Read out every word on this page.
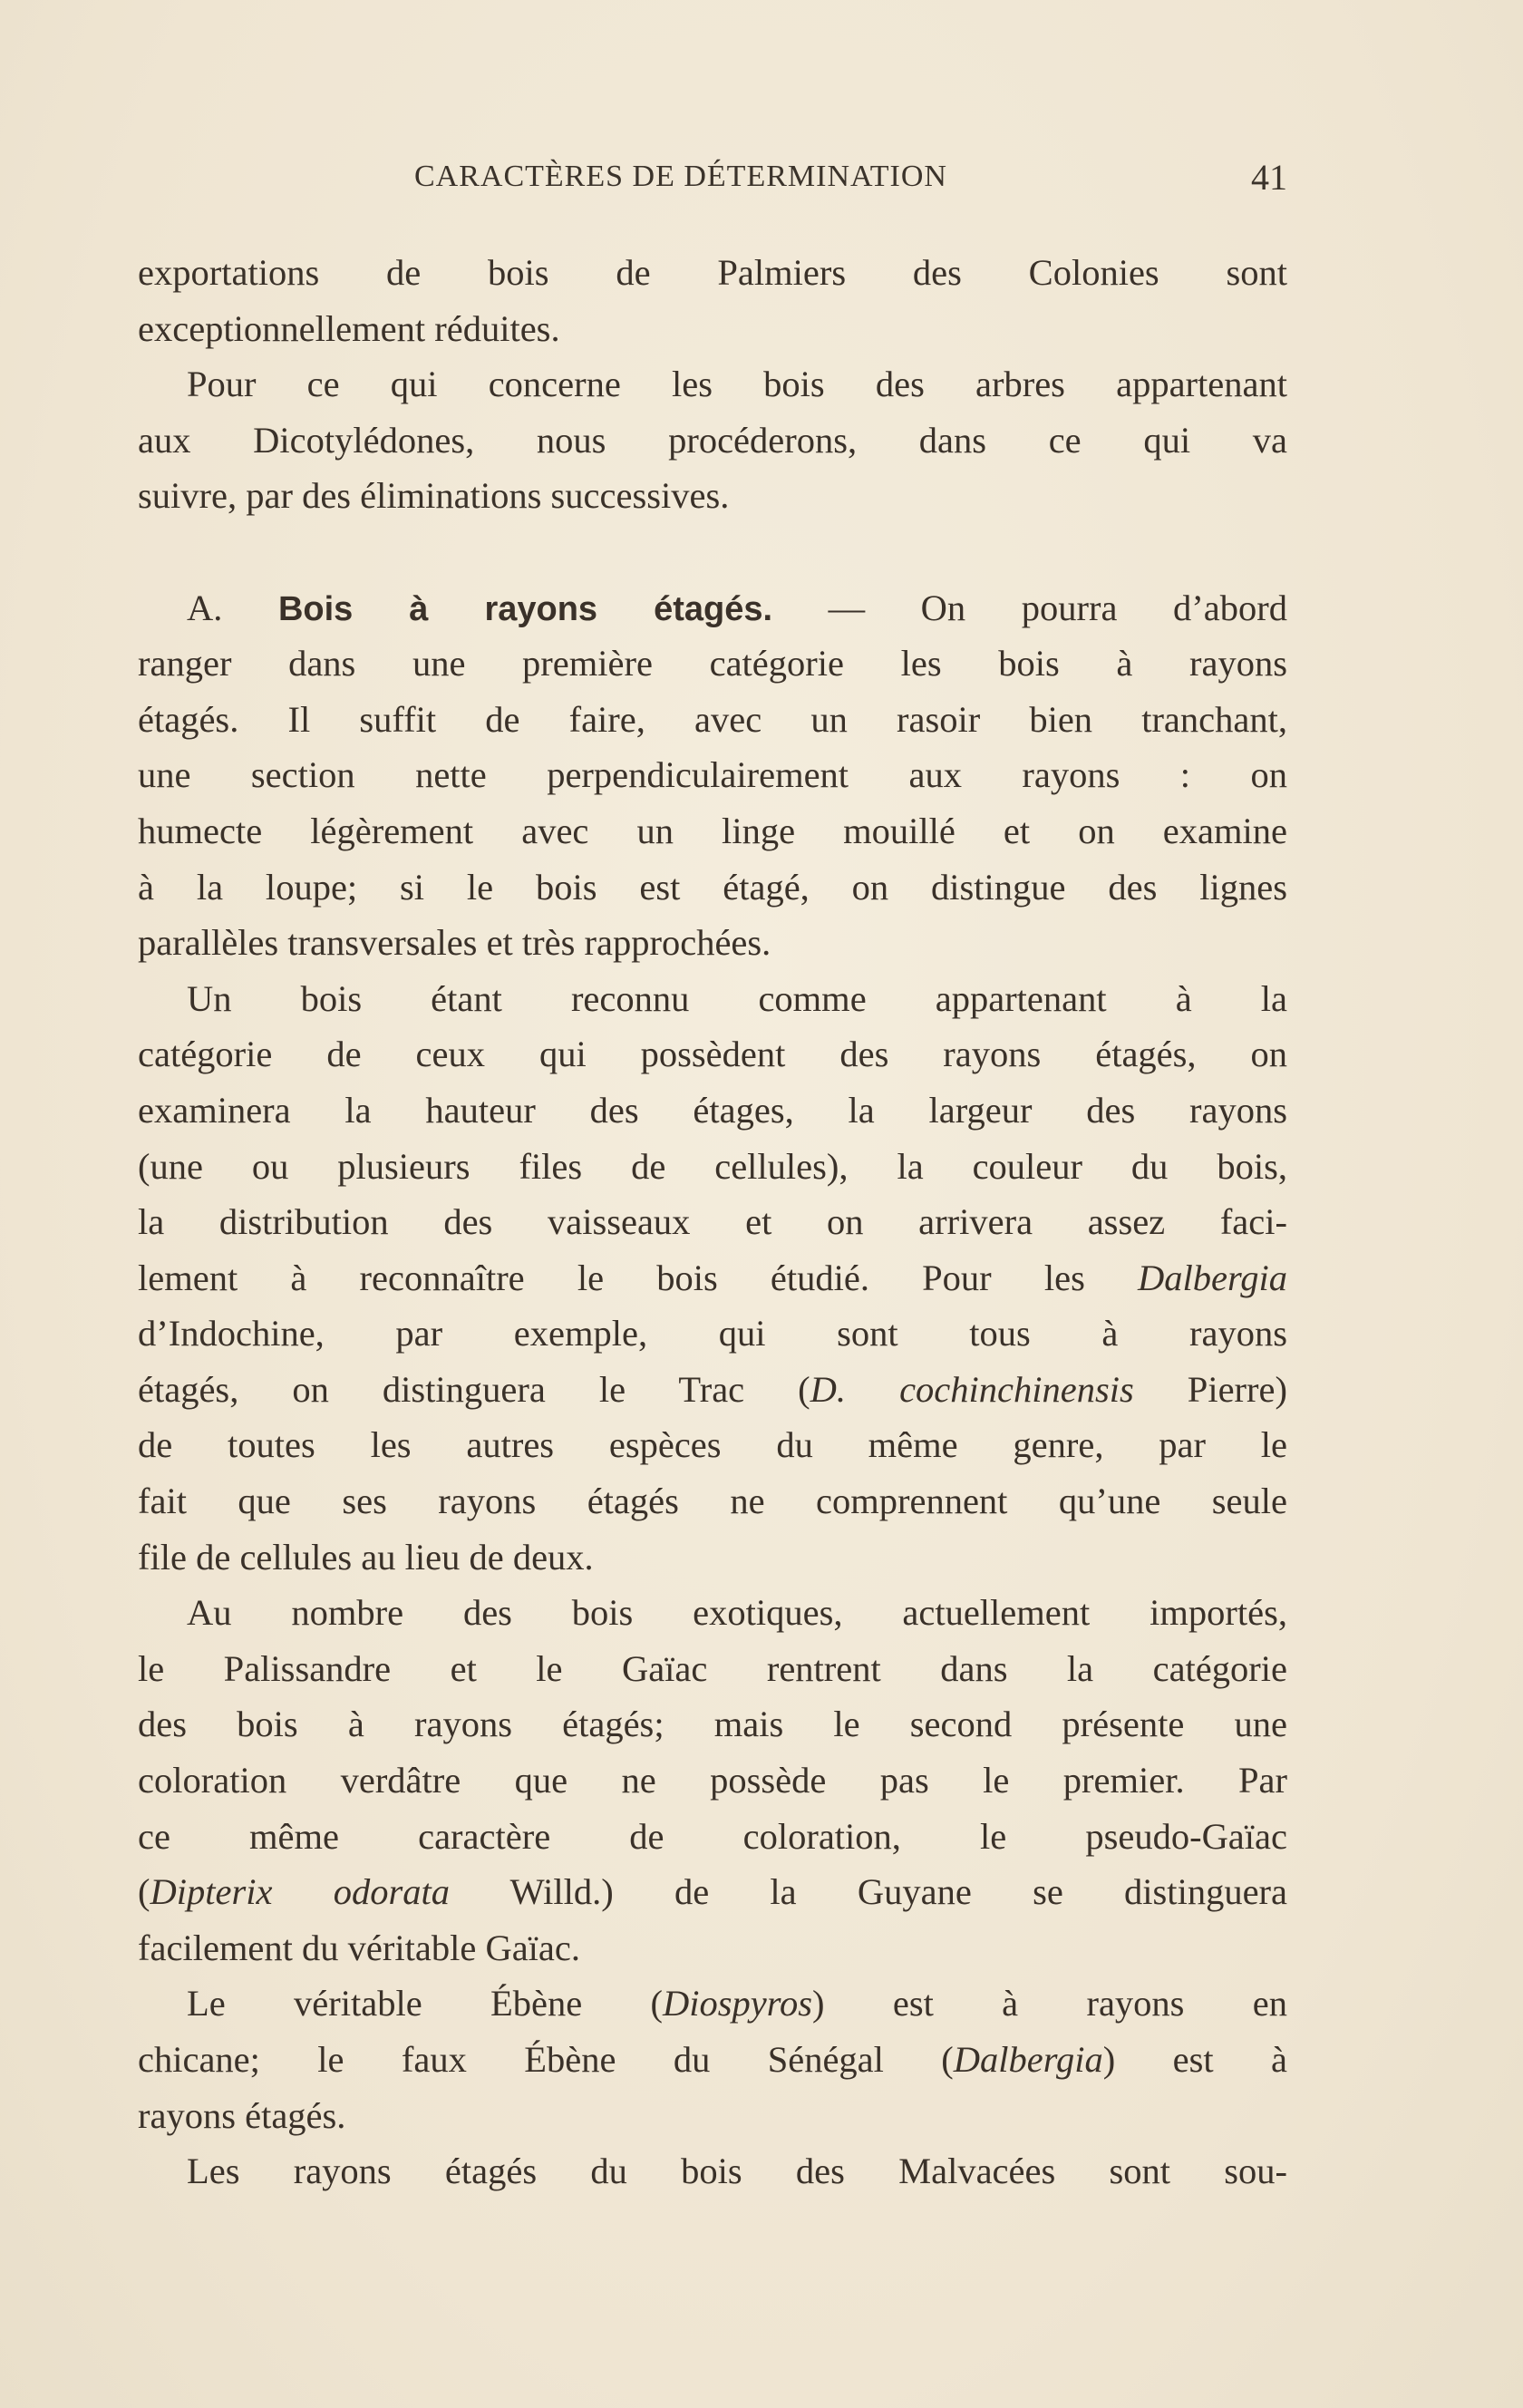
CARACTÈRES DE DÉTERMINATION	41
exportations de bois de Palmiers des Colonies sont
exceptionnellement réduites.
Pour ce qui concerne les bois des arbres appartenant
aux Dicotylédones, nous procéderons, dans ce qui va
suivre, par des éliminations successives.

A. Bois à rayons étagés. — On pourra d’abord
ranger dans une première catégorie les bois à rayons
étagés. Il suffit de faire, avec un rasoir bien tranchant,
une section nette perpendiculairement aux rayons : on
humecte légèrement avec un linge mouillé et on examine
à la loupe; si le bois est étagé, on distingue des lignes
parallèles transversales et très rapprochées.
Un bois étant reconnu comme appartenant à la
catégorie de ceux qui possèdent des rayons étagés, on
examinera la hauteur des étages, la largeur des rayons
(une ou plusieurs files de cellules), la couleur du bois,
la distribution des vaisseaux et on arrivera assez faci-
lement à reconnaître le bois étudié. Pour les Dalbergia
d’Indochine, par exemple, qui sont tous à rayons
étagés, on distinguera le Trac (D. cochinchinensis Pierre)
de toutes les autres espèces du même genre, par le
fait que ses rayons étagés ne comprennent qu’une seule
file de cellules au lieu de deux.
Au nombre des bois exotiques, actuellement importés,
le Palissandre et le Gaïac rentrent dans la catégorie
des bois à rayons étagés; mais le second présente une
coloration verdâtre que ne possède pas le premier. Par
ce même caractère de coloration, le pseudo-Gaïac
(Dipterix odorata Willd.) de la Guyane se distinguera
facilement du véritable Gaïac.
Le véritable Ébène (Diospyros) est à rayons en
chicane; le faux Ébène du Sénégal (Dalbergia) est à
rayons étagés.
Les rayons étagés du bois des Malvacées sont sou-
